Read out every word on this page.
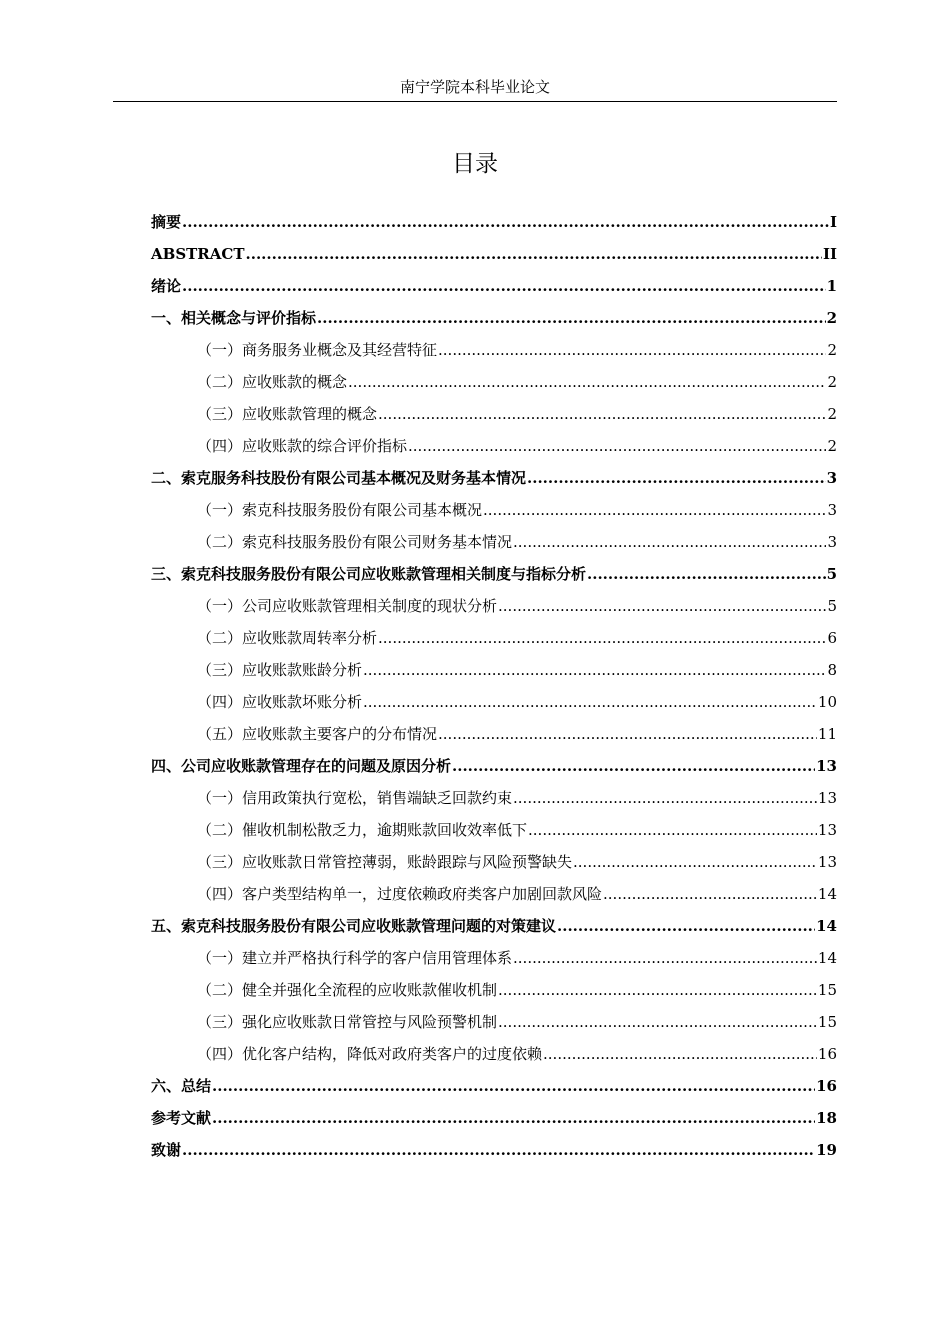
南宁学院本科毕业论文
目录
摘要 .....	I
ABSTRACT .....	II
绪论 .....	1
一、相关概念与评价指标 .....	2
（一）商务服务业概念及其经营特征 .....	2
（二）应收账款的概念 .....	2
（三）应收账款管理的概念 .....	2
（四）应收账款的综合评价指标 .....	2
二、索克服务科技股份有限公司基本概况及财务基本情况 .....	3
（一）索克科技服务股份有限公司基本概况 .....	3
（二）索克科技服务股份有限公司财务基本情况 .....	3
三、索克科技服务股份有限公司应收账款管理相关制度与指标分析 .....	5
（一）公司应收账款管理相关制度的现状分析 .....	5
（二）应收账款周转率分析 .....	6
（三）应收账款账龄分析 .....	8
（四）应收账款坏账分析 .....	10
（五）应收账款主要客户的分布情况 .....	11
四、公司应收账款管理存在的问题及原因分析 .....	13
（一）信用政策执行宽松，销售端缺乏回款约束 .....	13
（二）催收机制松散乏力，逾期账款回收效率低下 .....	13
（三）应收账款日常管控薄弱，账龄跟踪与风险预警缺失 .....	13
（四）客户类型结构单一，过度依赖政府类客户加剧回款风险 .....	14
五、索克科技服务股份有限公司应收账款管理问题的对策建议 .....	14
（一）建立并严格执行科学的客户信用管理体系 .....	14
（二）健全并强化全流程的应收账款催收机制 .....	15
（三）强化应收账款日常管控与风险预警机制 .....	15
（四）优化客户结构，降低对政府类客户的过度依赖 .....	16
六、总结 .....	16
参考文献 .....	18
致谢 .....	19
